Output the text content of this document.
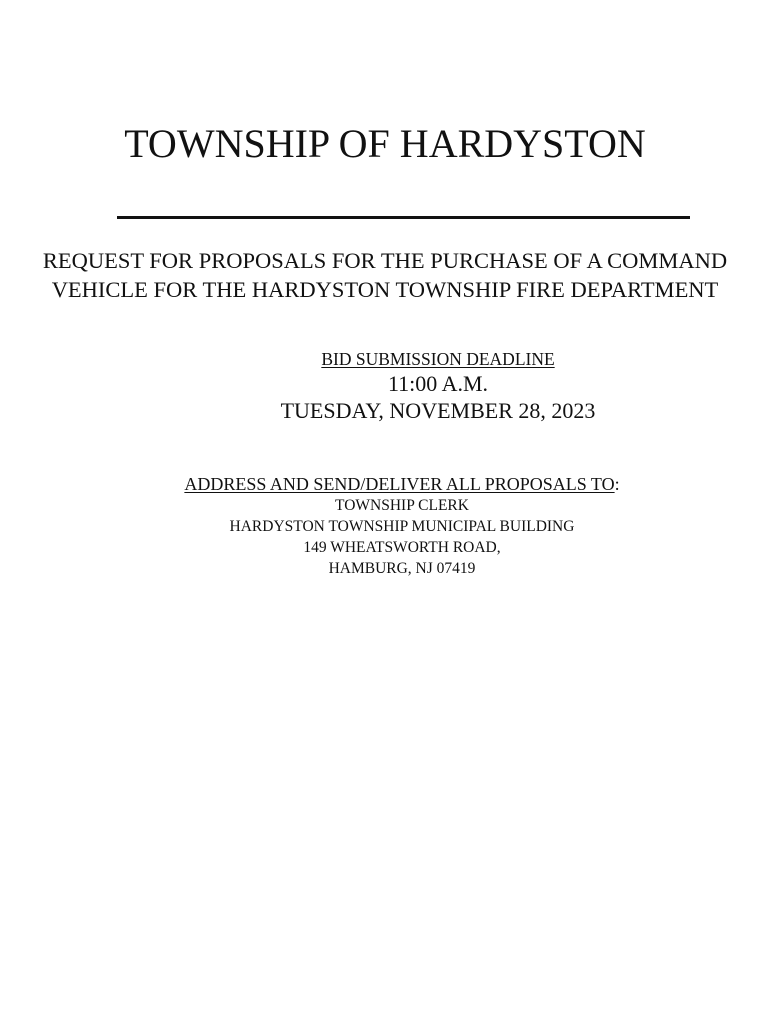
TOWNSHIP OF HARDYSTON
REQUEST FOR PROPOSALS FOR THE PURCHASE OF A COMMAND
VEHICLE FOR THE HARDYSTON TOWNSHIP FIRE DEPARTMENT
BID SUBMISSION DEADLINE
11:00 A.M.
TUESDAY, NOVEMBER 28, 2023
ADDRESS AND SEND/DELIVER ALL PROPOSALS TO:
TOWNSHIP CLERK
HARDYSTON TOWNSHIP MUNICIPAL BUILDING
149 WHEATSWORTH ROAD,
HAMBURG, NJ 07419
